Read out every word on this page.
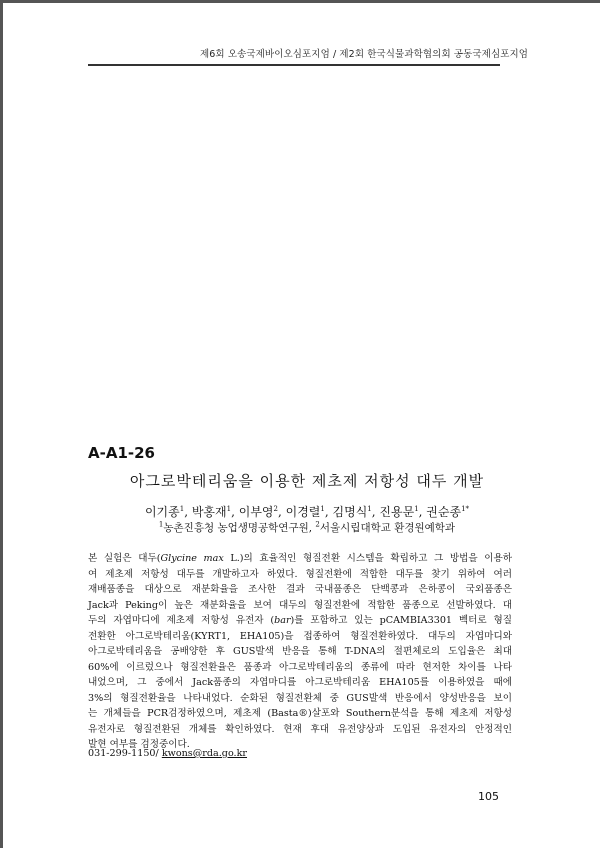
제6회 오송국제바이오심포지엄 / 제2회 한국식물과학협의회 공동국제심포지엄
A-A1-26
아그로박테리움을 이용한 제초제 저항성 대두 개발
이기종$^1$, 박홍재$^1$, 이부영$^2$, 이경렬$^1$, 김명식$^1$, 진용문$^1$, 권순종$^{1*}$
$^1$농촌진흥청 농업생명공학연구원, $^2$서울시립대학교 환경원예학과
본 실험은 대두(Glycine max L.)의 효율적인 형질전환 시스템을 확립하고 그 방법을 이용하
여 제초제 저항성 대두를 개발하고자 하였다. 형질전환에 적합한 대두를 찾기 위하여 여러
재배품종을 대상으로 재분화율을 조사한 결과 국내품종은 단백콩과 은하콩이 국외품종은
Jack과 Peking이 높은 재분화율을 보여 대두의 형질전환에 적합한 품종으로 선발하였다. 대
두의 자엽마디에 제초제 저항성 유전자 (bar)를 포함하고 있는 pCAMBIA3301 벡터로 형질
전환한 아그로박테리움(KYRT1, EHA105)을 접종하여 형질전환하였다. 대두의 자엽마디와
아그로박테리움을 공배양한 후 GUS발색 반응을 통해 T-DNA의 절편체로의 도입율은 최대
60%에 이르렀으나 형질전환율은 품종과 아그로박테리움의 종류에 따라 현저한 차이를 나타
내었으며, 그 중에서 Jack품종의 자엽마디를 아그로박테리움 EHA105를 이용하였을 때에
3%의 형질전환율을 나타내었다. 순화된 형질전환체 중 GUS발색 반응에서 양성반응을 보이
는 개체들을 PCR검정하였으며, 제초제 (Basta®)살포와 Southern분석을 통해 제초제 저항성
유전자로 형질전환된 개체를 확인하였다. 현재 후대 유전양상과 도입된 유전자의 안정적인
발현 여부를 검정중이다.
031-299-1150/ kwons@rda.go.kr
105
